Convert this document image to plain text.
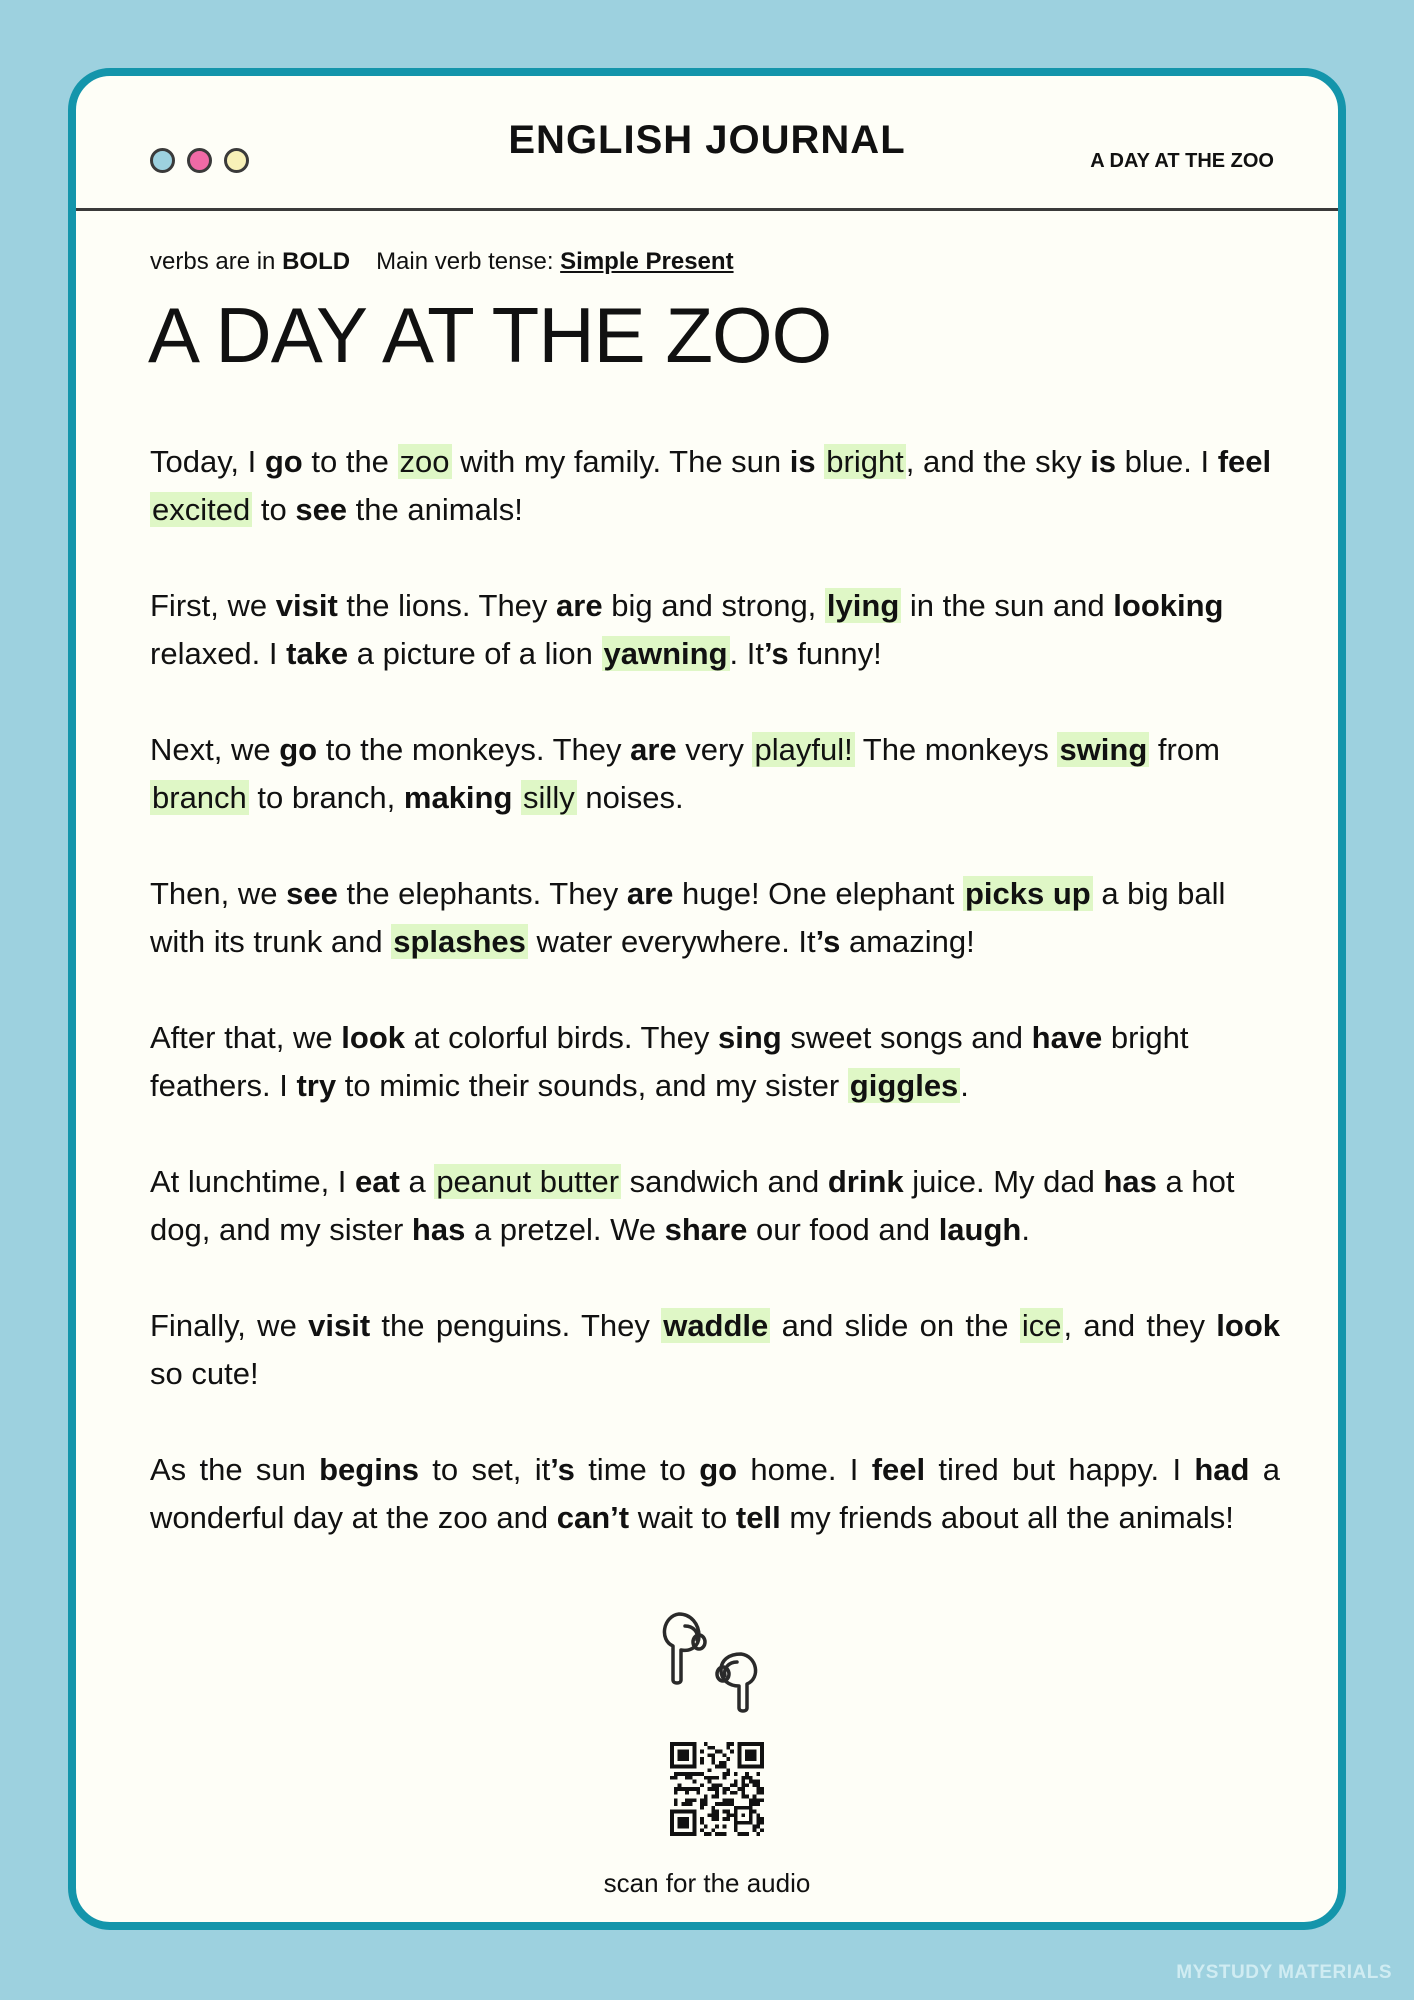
ENGLISH JOURNAL	A DAY AT THE ZOO
verbs are in BOLD Main verb tense: Simple Present
A DAY AT THE ZOO

Today, I go to the zoo with my family. The sun is bright, and the sky is blue. I feel excited to see the animals!

First, we visit the lions. They are big and strong, lying in the sun and looking relaxed. I take a picture of a lion yawning. It’s funny!

Next, we go to the monkeys. They are very playful! The monkeys swing from branch to branch, making silly noises.

Then, we see the elephants. They are huge! One elephant picks up a big ball with its trunk and splashes water everywhere. It’s amazing!

After that, we look at colorful birds. They sing sweet songs and have bright feathers. I try to mimic their sounds, and my sister giggles.

At lunchtime, I eat a peanut butter sandwich and drink juice. My dad has a hot dog, and my sister has a pretzel. We share our food and laugh.

Finally, we visit the penguins. They waddle and slide on the ice, and they look so cute!

As the sun begins to set, it’s time to go home. I feel tired but happy. I had a wonderful day at the zoo and can’t wait to tell my friends about all the animals!

scan for the audio
MYSTUDY MATERIALS
